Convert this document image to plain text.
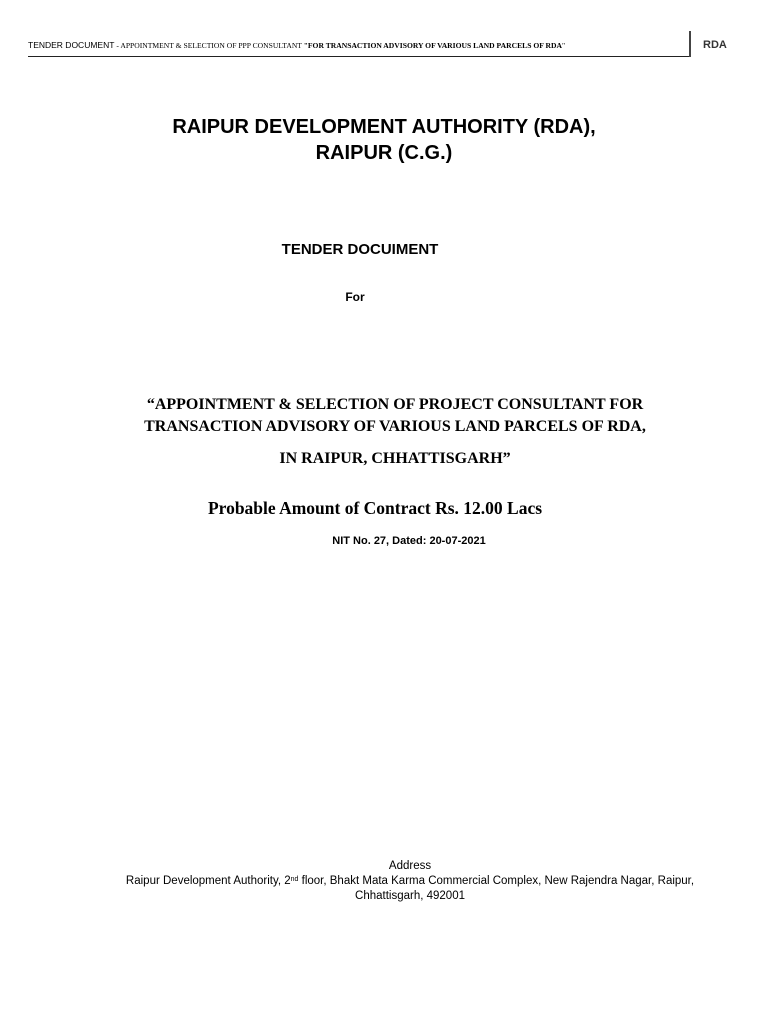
TENDER DOCUMENT - APPOINTMENT & SELECTION OF PPP CONSULTANT "FOR TRANSACTION ADVISORY OF VARIOUS LAND PARCELS OF RDA"	RDA
RAIPUR DEVELOPMENT AUTHORITY (RDA),
RAIPUR (C.G.)
TENDER DOCUIMENT
For
“APPOINTMENT & SELECTION OF PROJECT CONSULTANT FOR
TRANSACTION ADVISORY OF VARIOUS LAND PARCELS OF RDA,
IN RAIPUR, CHHATTISGARH”
Probable Amount of Contract Rs. 12.00 Lacs
NIT No. 27, Dated: 20-07-2021
Address
Raipur Development Authority, 2nd floor, Bhakt Mata Karma Commercial Complex, New Rajendra Nagar, Raipur,
Chhattisgarh, 492001
